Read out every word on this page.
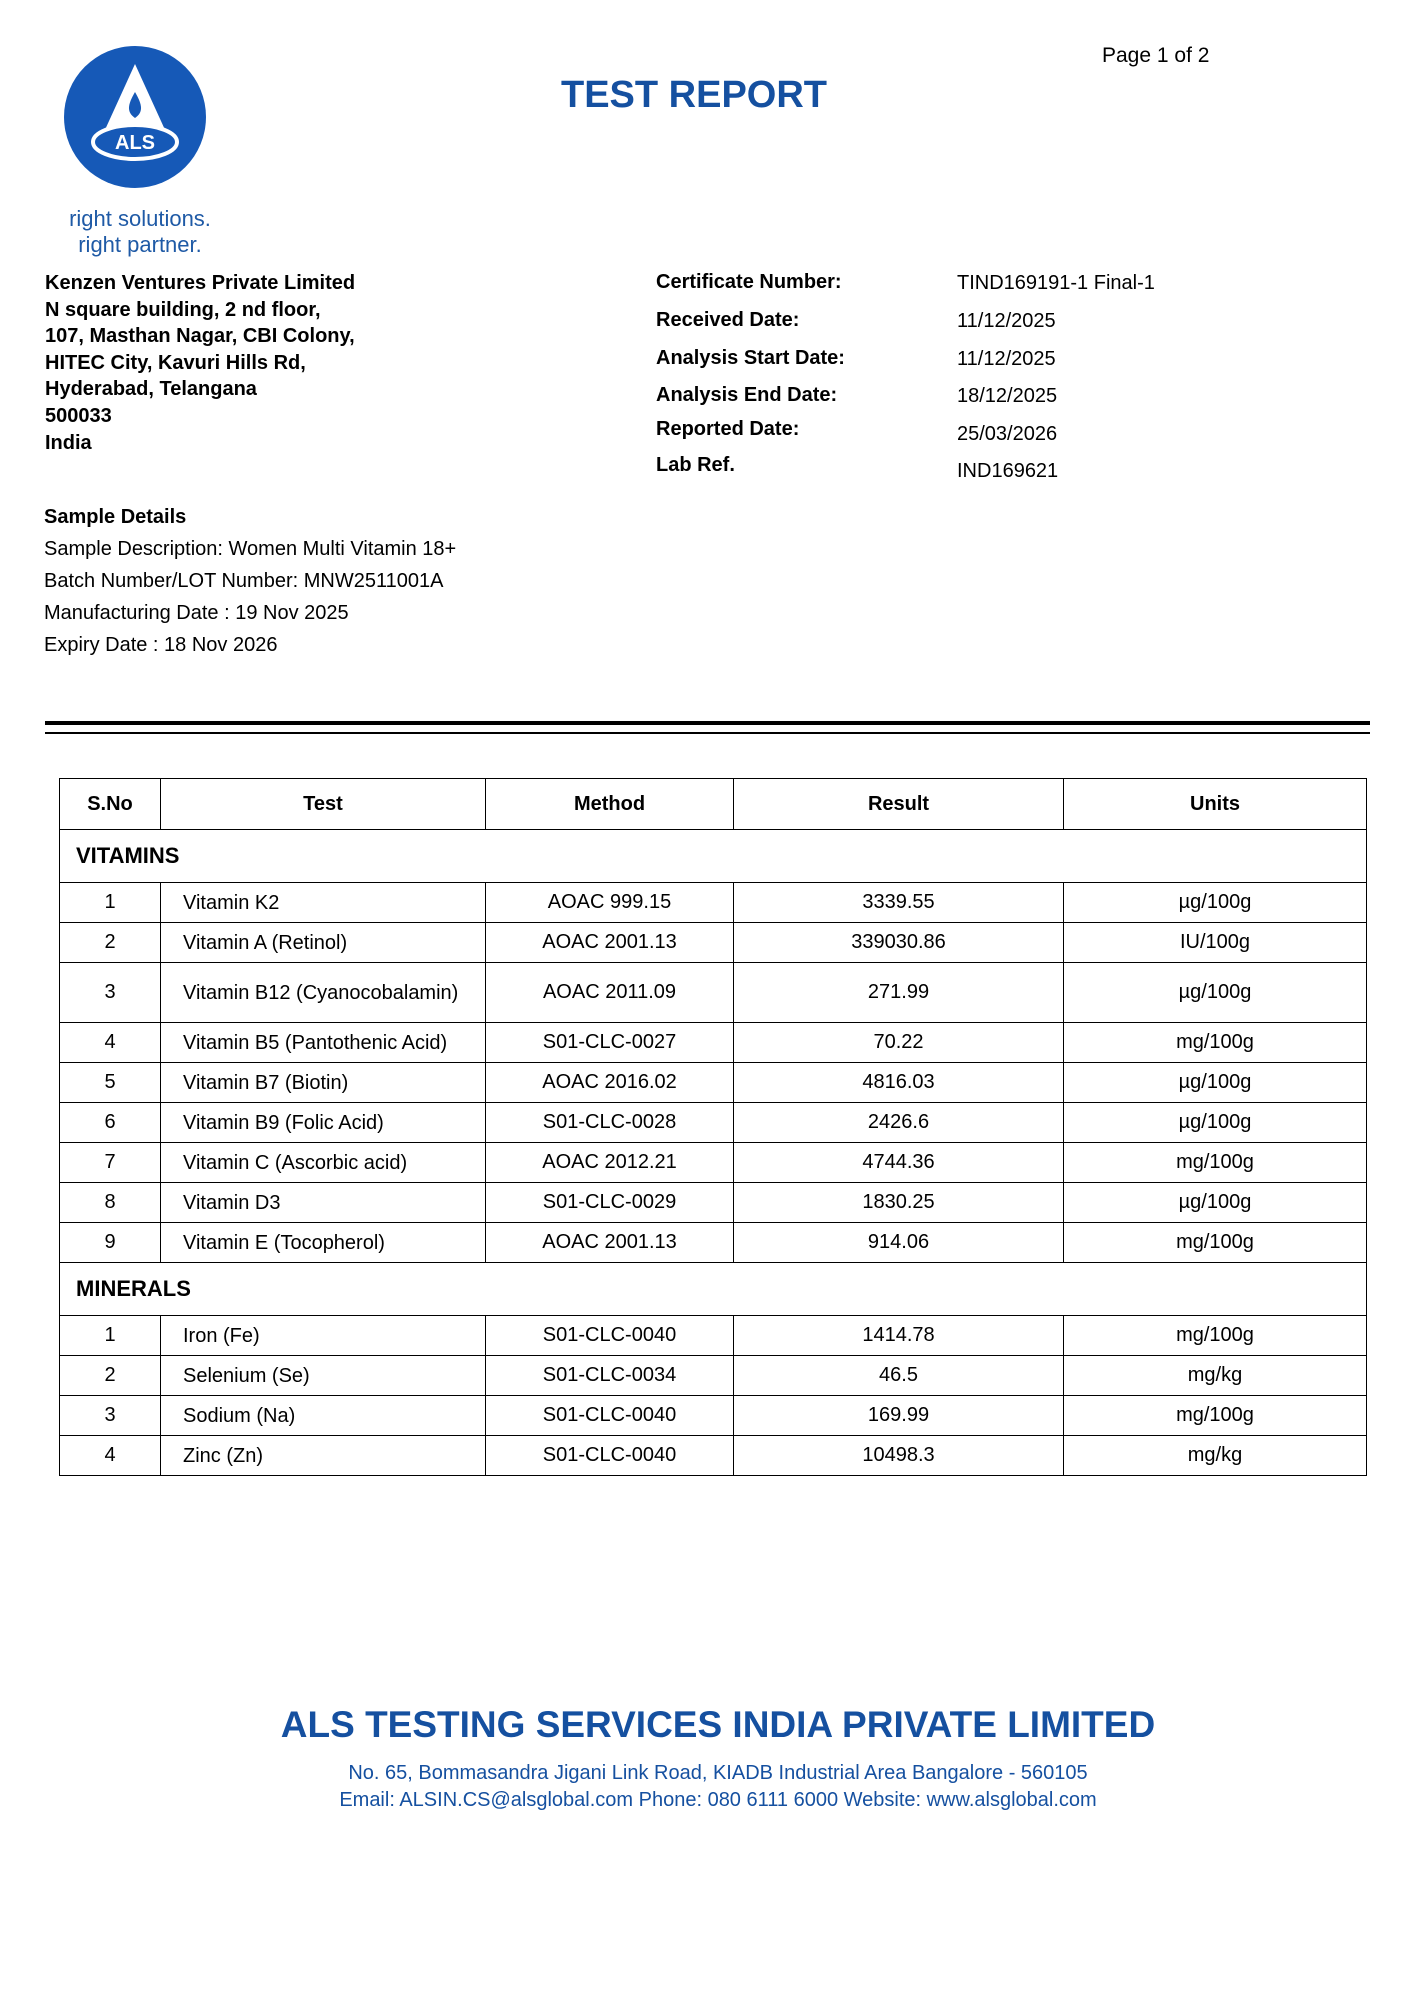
Page 1 of 2
TEST REPORT
ALS
right solutions.
right partner.
Kenzen Ventures Private Limited
N square building, 2 nd floor,
107, Masthan Nagar, CBI Colony,
HITEC City, Kavuri Hills Rd,
Hyderabad, Telangana
500033
India
Certificate Number:	TIND169191-1 Final-1
Received Date:	11/12/2025
Analysis Start Date:	11/12/2025
Analysis End Date:	18/12/2025
Reported Date:	25/03/2026
Lab Ref.	IND169621
Sample Details
Sample Description: Women Multi Vitamin 18+
Batch Number/LOT Number: MNW2511001A
Manufacturing Date : 19 Nov 2025
Expiry Date : 18 Nov 2026
S.No	Test	Method	Result	Units
VITAMINS				
1	Vitamin K2	AOAC 999.15	3339.55	µg/100g
2	Vitamin A (Retinol)	AOAC 2001.13	339030.86	IU/100g
3	Vitamin B12 (Cyanocobalamin)	AOAC 2011.09	271.99	µg/100g
4	Vitamin B5 (Pantothenic Acid)	S01-CLC-0027	70.22	mg/100g
5	Vitamin B7 (Biotin)	AOAC 2016.02	4816.03	µg/100g
6	Vitamin B9 (Folic Acid)	S01-CLC-0028	2426.6	µg/100g
7	Vitamin C (Ascorbic acid)	AOAC 2012.21	4744.36	mg/100g
8	Vitamin D3	S01-CLC-0029	1830.25	µg/100g
9	Vitamin E (Tocopherol)	AOAC 2001.13	914.06	mg/100g
MINERALS				
1	Iron (Fe)	S01-CLC-0040	1414.78	mg/100g
2	Selenium (Se)	S01-CLC-0034	46.5	mg/kg
3	Sodium (Na)	S01-CLC-0040	169.99	mg/100g
4	Zinc (Zn)	S01-CLC-0040	10498.3	mg/kg
ALS TESTING SERVICES INDIA PRIVATE LIMITED
No. 65, Bommasandra Jigani Link Road, KIADB Industrial Area Bangalore - 560105
Email: ALSIN.CS@alsglobal.com Phone: 080 6111 6000 Website: www.alsglobal.com
